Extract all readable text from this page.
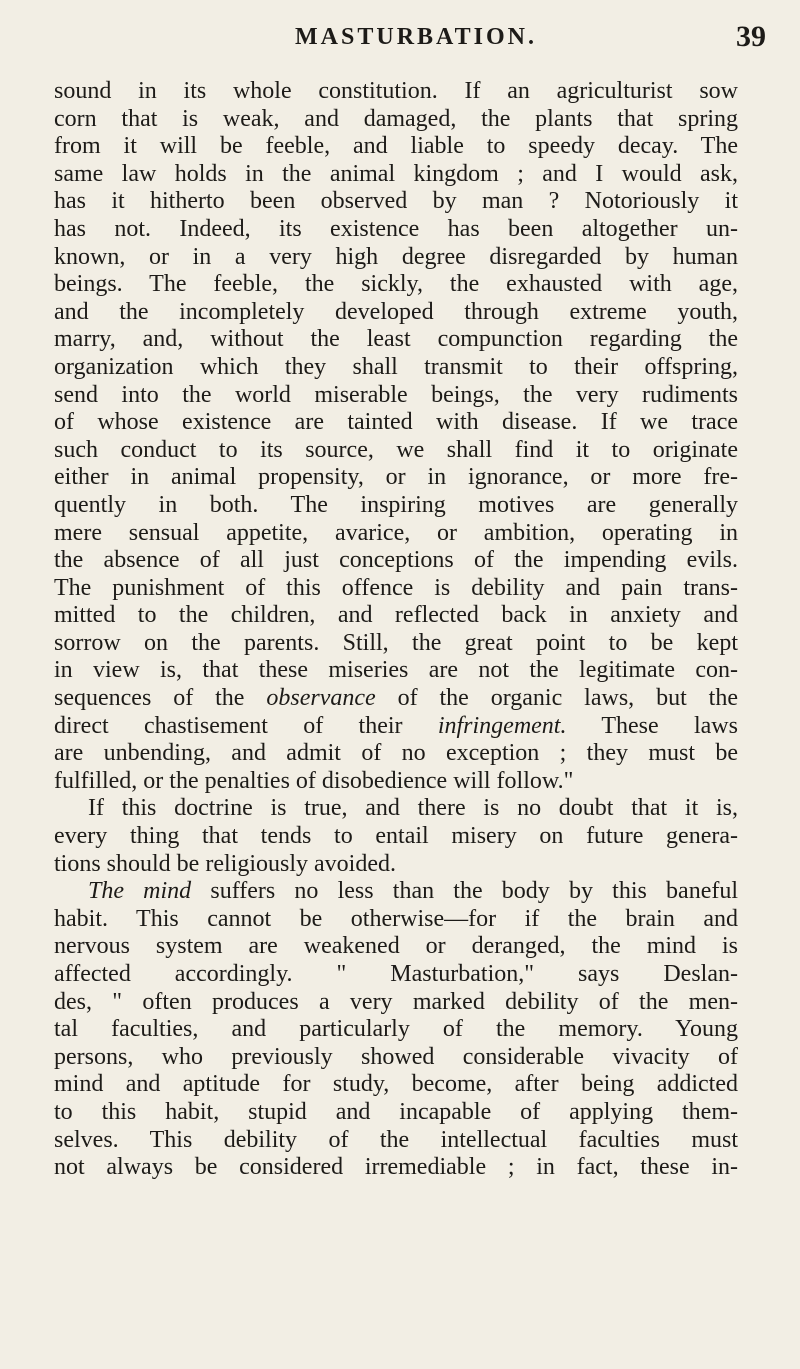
MASTURBATION.	39
sound in its whole constitution. If an agriculturist sow
corn that is weak, and damaged, the plants that spring
from it will be feeble, and liable to speedy decay. The
same law holds in the animal kingdom ; and I would ask,
has it hitherto been observed by man ? Notoriously it
has not. Indeed, its existence has been altogether un-
known, or in a very high degree disregarded by human
beings. The feeble, the sickly, the exhausted with age,
and the incompletely developed through extreme youth,
marry, and, without the least compunction regarding the
organization which they shall transmit to their offspring,
send into the world miserable beings, the very rudiments
of whose existence are tainted with disease. If we trace
such conduct to its source, we shall find it to originate
either in animal propensity, or in ignorance, or more fre-
quently in both. The inspiring motives are generally
mere sensual appetite, avarice, or ambition, operating in
the absence of all just conceptions of the impending evils.
The punishment of this offence is debility and pain trans-
mitted to the children, and reflected back in anxiety and
sorrow on the parents. Still, the great point to be kept
in view is, that these miseries are not the legitimate con-
sequences of the observance of the organic laws, but the
direct chastisement of their infringement. These laws
are unbending, and admit of no exception ; they must be
fulfilled, or the penalties of disobedience will follow."
If this doctrine is true, and there is no doubt that it is,
every thing that tends to entail misery on future genera-
tions should be religiously avoided.
The mind suffers no less than the body by this baneful
habit. This cannot be otherwise—for if the brain and
nervous system are weakened or deranged, the mind is
affected accordingly. " Masturbation," says Deslan-
des, " often produces a very marked debility of the men-
tal faculties, and particularly of the memory. Young
persons, who previously showed considerable vivacity of
mind and aptitude for study, become, after being addicted
to this habit, stupid and incapable of applying them-
selves. This debility of the intellectual faculties must
not always be considered irremediable ; in fact, these in-
